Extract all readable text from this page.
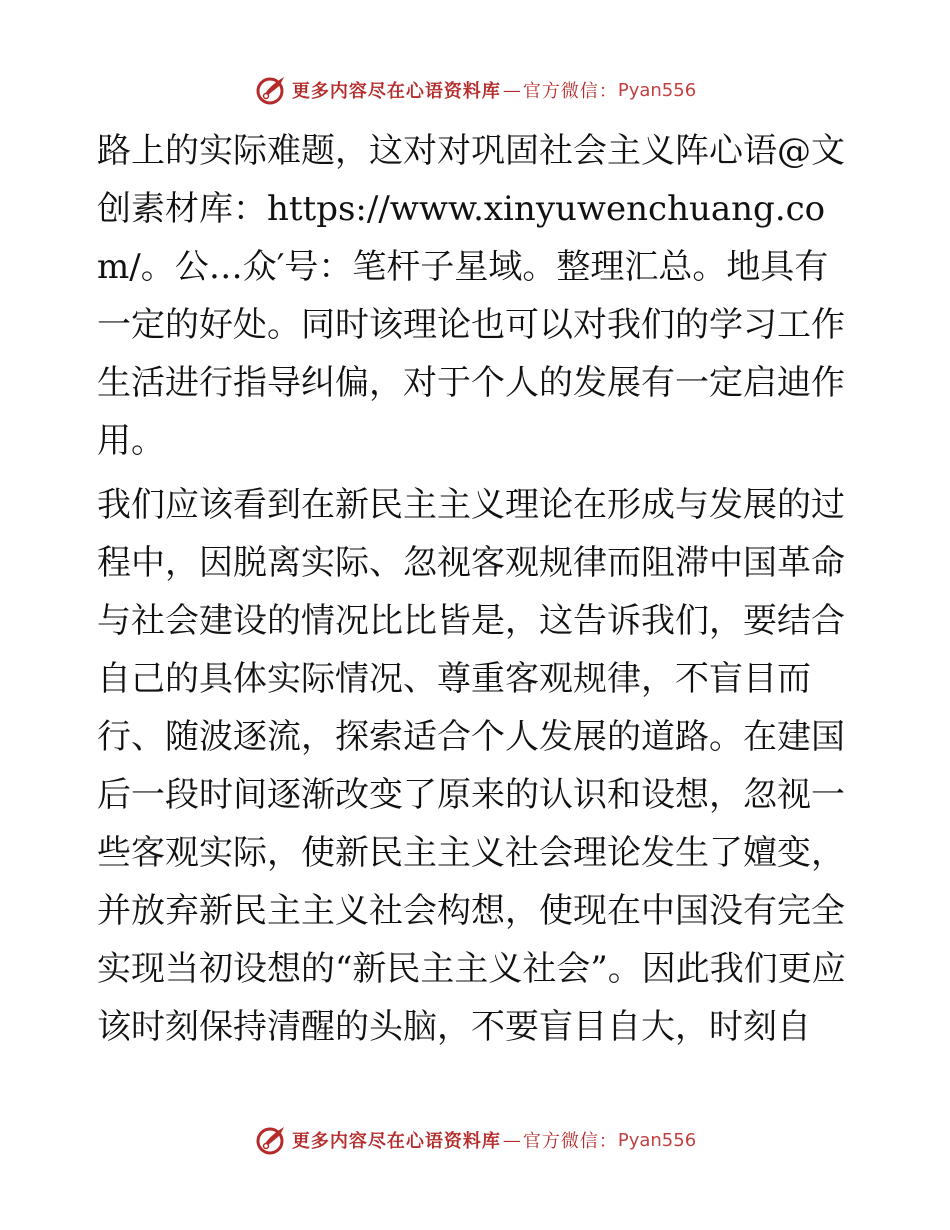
更多内容尽在心语资料库 — 官方微信： Pyan556

路上的实际难题，这对对巩固社会主义阵心语@文创素材库：https://www.xinyuwenchuang.com/。公…众′号：笔杆子星域。整理汇总。地具有一定的好处。同时该理论也可以对我们的学习工作生活进行指导纠偏，对于个人的发展有一定启迪作用。

我们应该看到在新民主主义理论在形成与发展的过程中，因脱离实际、忽视客观规律而阻滞中国革命与社会建设的情况比比皆是，这告诉我们，要结合自己的具体实际情况、尊重客观规律，不盲目而行、随波逐流，探索适合个人发展的道路。在建国后一段时间逐渐改变了原来的认识和设想，忽视一些客观实际，使新民主主义社会理论发生了嬗变，并放弃新民主主义社会构想，使现在中国没有完全实现当初设想的“新民主主义社会”。因此我们更应该时刻保持清醒的头脑，不要盲目自大，时刻自

更多内容尽在心语资料库 — 官方微信： Pyan556
